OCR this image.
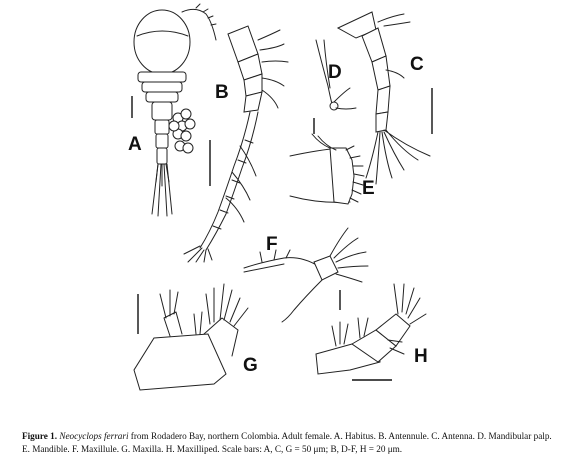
A
B
C
D
E
F
G	H
Figure 1. Neocyclops ferrari from Rodadero Bay, northern Colombia. Adult female. A. Habitus. B. Antennule. C. Antenna. D. Mandibular palp.
E. Mandible. F. Maxillule. G. Maxilla. H. Maxilliped. Scale bars: A, C, G = 50 μm; B, D-F, H = 20 μm.
